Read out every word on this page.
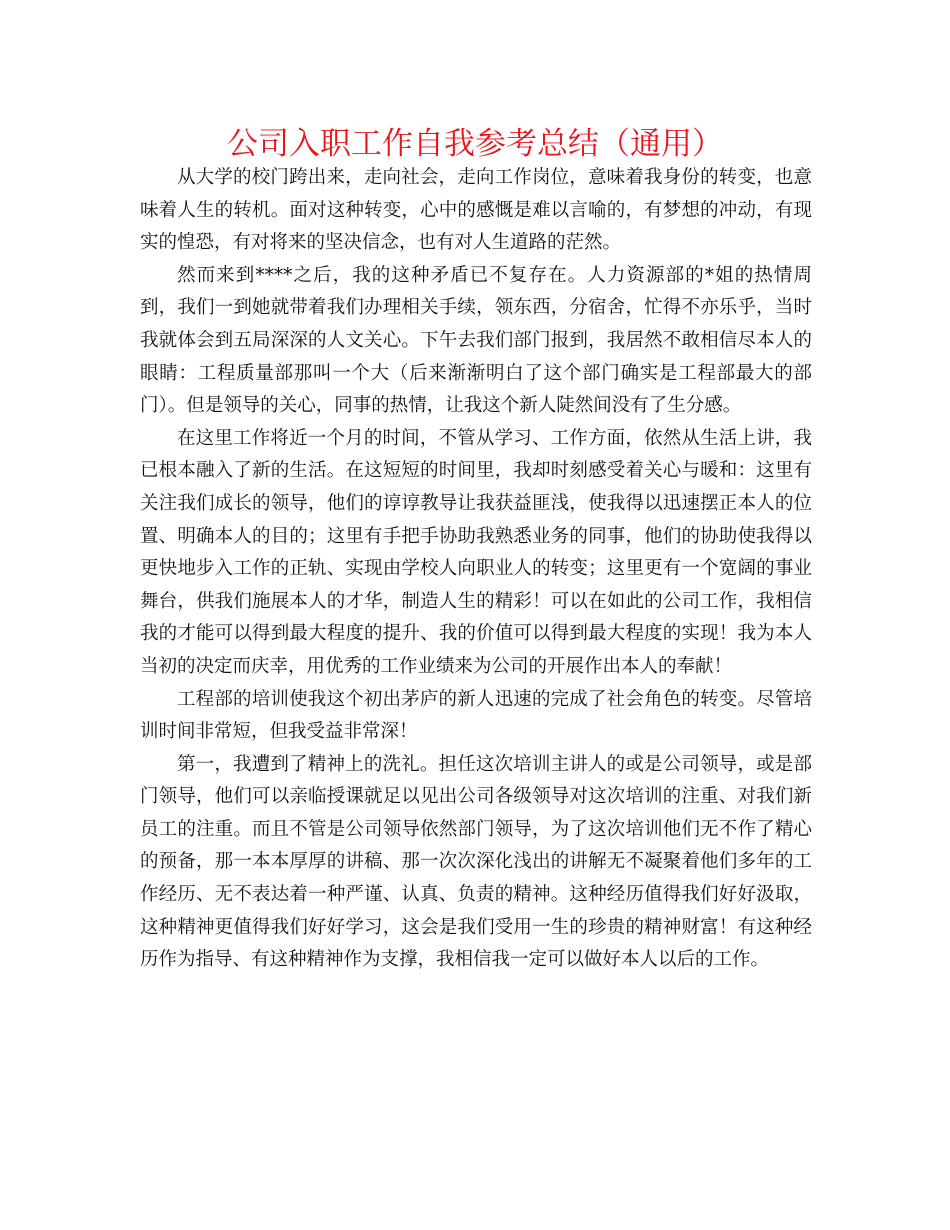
公司入职工作自我参考总结（通用）

从大学的校门跨出来，走向社会，走向工作岗位，意味着我身份的转变，也意味着人生的转机。面对这种转变，心中的感慨是难以言喻的，有梦想的冲动，有现实的惶恐，有对将来的坚决信念，也有对人生道路的茫然。

然而来到****之后，我的这种矛盾已不复存在。人力资源部的*姐的热情周到，我们一到她就带着我们办理相关手续，领东西，分宿舍，忙得不亦乐乎，当时我就体会到五局深深的人文关心。下午去我们部门报到，我居然不敢相信尽本人的眼睛：工程质量部那叫一个大（后来渐渐明白了这个部门确实是工程部最大的部门）。但是领导的关心，同事的热情，让我这个新人陡然间没有了生分感。

在这里工作将近一个月的时间，不管从学习、工作方面，依然从生活上讲，我已根本融入了新的生活。在这短短的时间里，我却时刻感受着关心与暖和：这里有关注我们成长的领导，他们的谆谆教导让我获益匪浅，使我得以迅速摆正本人的位置、明确本人的目的；这里有手把手协助我熟悉业务的同事，他们的协助使我得以更快地步入工作的正轨、实现由学校人向职业人的转变；这里更有一个宽阔的事业舞台，供我们施展本人的才华，制造人生的精彩！可以在如此的公司工作，我相信我的才能可以得到最大程度的提升、我的价值可以得到最大程度的实现！我为本人当初的决定而庆幸，用优秀的工作业绩来为公司的开展作出本人的奉献！

工程部的培训使我这个初出茅庐的新人迅速的完成了社会角色的转变。尽管培训时间非常短，但我受益非常深！

第一，我遭到了精神上的洗礼。担任这次培训主讲人的或是公司领导，或是部门领导，他们可以亲临授课就足以见出公司各级领导对这次培训的注重、对我们新员工的注重。而且不管是公司领导依然部门领导，为了这次培训他们无不作了精心的预备，那一本本厚厚的讲稿、那一次次深化浅出的讲解无不凝聚着他们多年的工作经历、无不表达着一种严谨、认真、负责的精神。这种经历值得我们好好汲取，这种精神更值得我们好好学习，这会是我们受用一生的珍贵的精神财富！有这种经历作为指导、有这种精神作为支撑，我相信我一定可以做好本人以后的工作。
